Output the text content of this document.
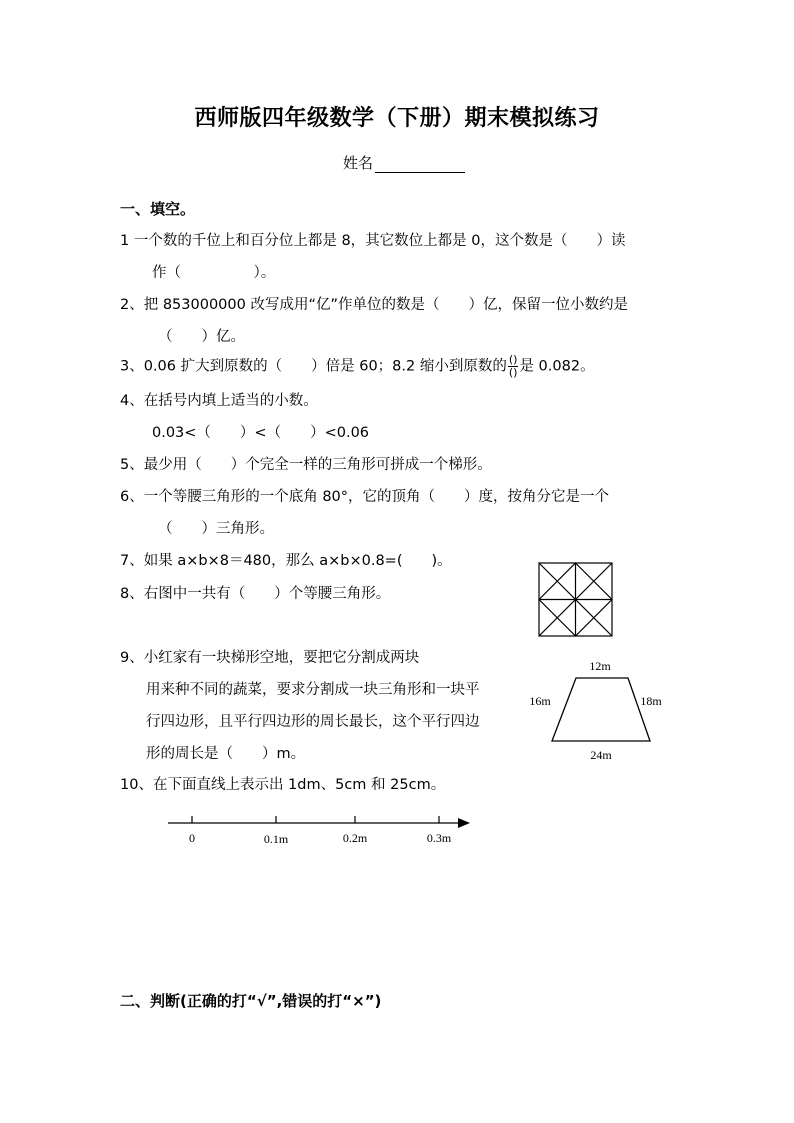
西师版四年级数学（下册）期末模拟练习
姓名
一、填空。
1 一个数的千位上和百分位上都是 8，其它数位上都是 0，这个数是（　　）读
作（　　　　　）。
2、把 853000000 改写成用“亿”作单位的数是（　　）亿，保留一位小数约是
（　　）亿。
3、0.06 扩大到原数的（　　）倍是 60；8.2 缩小到原数的 $\frac{()}{()}$ 是 0.082。
4、在括号内填上适当的小数。
0.03<（　　）<（　　）<0.06
5、最少用（　　）个完全一样的三角形可拼成一个梯形。
6、一个等腰三角形的一个底角 80°，它的顶角（　　）度，按角分它是一个
（　　）三角形。
7、如果 a×b×8＝480，那么 a×b×0.8=(　　)。
8、右图中一共有（　　）个等腰三角形。
9、小红家有一块梯形空地，要把它分割成两块
用来种不同的蔬菜，要求分割成一块三角形和一块平
行四边形，且平行四边形的周长最长，这个平行四边
形的周长是（　　）m。
12m
16m	18m
24m
10、在下面直线上表示出 1dm、5cm 和 25cm。
0	0.1m	0.2m	0.3m
二、判断(正确的打“√”,错误的打“×”)
